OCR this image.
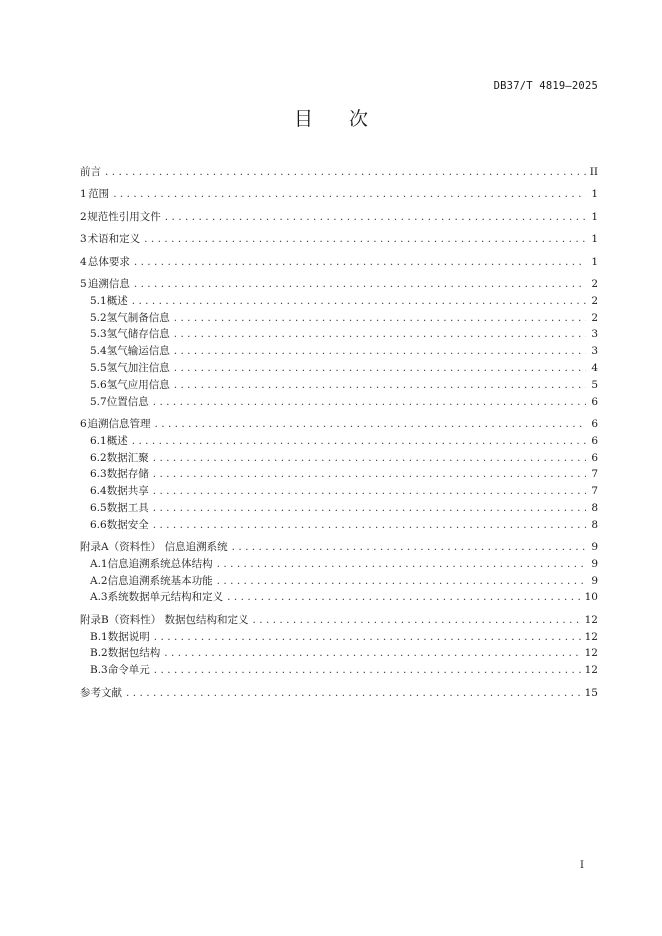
DB37/T 4819—2025
目次
前言 .....	II
1 范围 .....	1
2 规范性引用文件 .....	1
3 术语和定义 .....	1
4 总体要求 .....	1
5 追溯信息 .....	2
5.1 概述 .....	2
5.2 氢气制备信息 .....	2
5.3 氢气储存信息 .....	3
5.4 氢气输运信息 .....	3
5.5 氢气加注信息 .....	4
5.6 氢气应用信息 .....	5
5.7 位置信息 .....	6
6 追溯信息管理 .....	6
6.1 概述 .....	6
6.2 数据汇聚 .....	6
6.3 数据存储 .....	7
6.4 数据共享 .....	7
6.5 数据工具 .....	8
6.6 数据安全 .....	8
附录A（资料性） 信息追溯系统 .....	9
A.1 信息追溯系统总体结构 .....	9
A.2 信息追溯系统基本功能 .....	9
A.3 系统数据单元结构和定义 .....	10
附录B（资料性） 数据包结构和定义 .....	12
B.1 数据说明 .....	12
B.2 数据包结构 .....	12
B.3 命令单元 .....	12
参考文献 .....	15
I
